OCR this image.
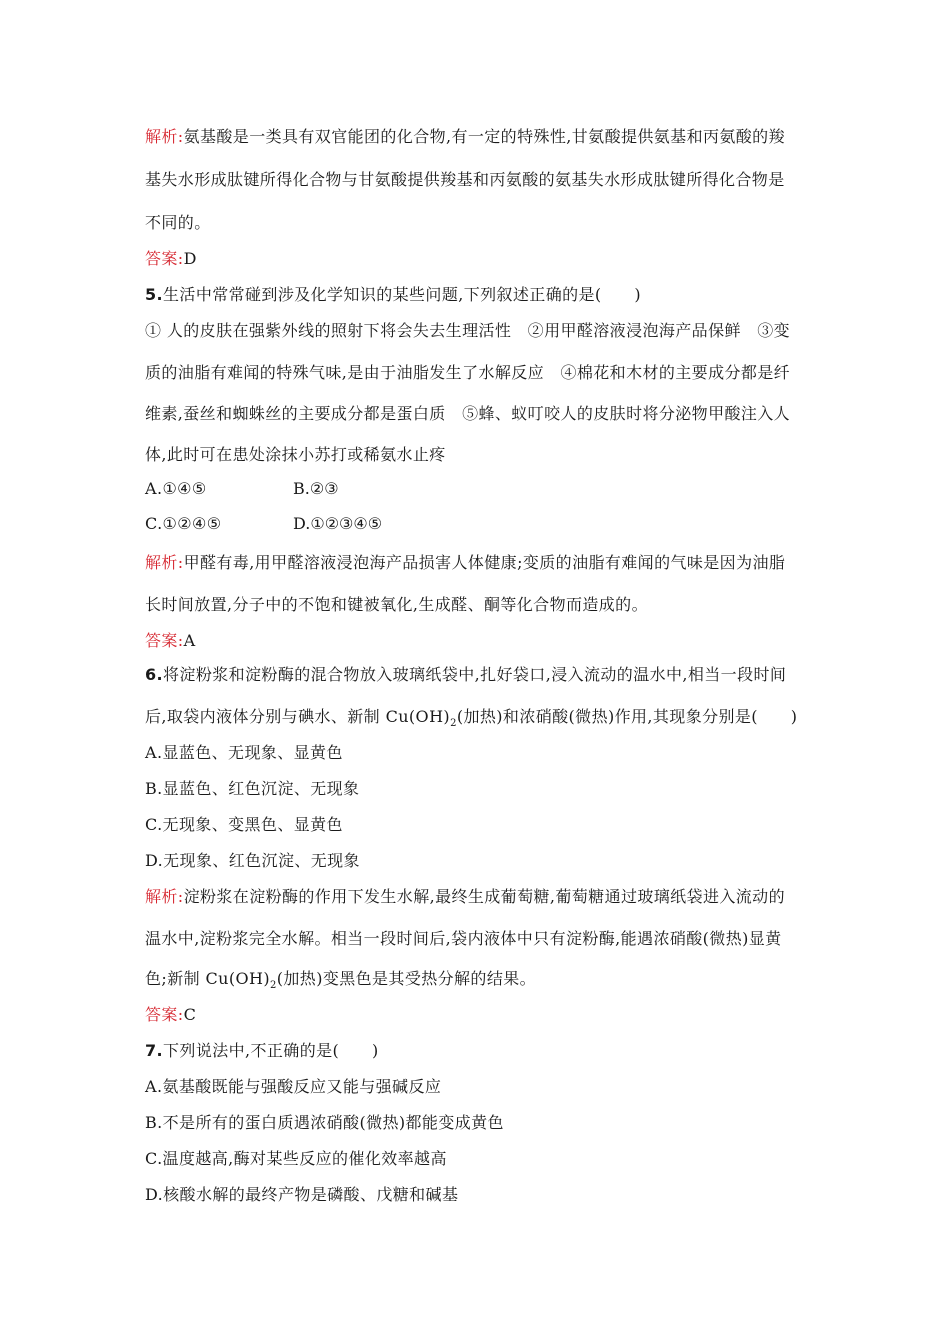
解析:氨基酸是一类具有双官能团的化合物,有一定的特殊性,甘氨酸提供氨基和丙氨酸的羧
基失水形成肽键所得化合物与甘氨酸提供羧基和丙氨酸的氨基失水形成肽键所得化合物是
不同的。
答案:D
5.生活中常常碰到涉及化学知识的某些问题,下列叙述正确的是(　　)
① 人的皮肤在强紫外线的照射下将会失去生理活性　②用甲醛溶液浸泡海产品保鲜　③变
质的油脂有难闻的特殊气味,是由于油脂发生了水解反应　④棉花和木材的主要成分都是纤
维素,蚕丝和蜘蛛丝的主要成分都是蛋白质　⑤蜂、蚁叮咬人的皮肤时将分泌物甲酸注入人
体,此时可在患处涂抹小苏打或稀氨水止疼
A.①④⑤	B.②③
C.①②④⑤	D.①②③④⑤
解析:甲醛有毒,用甲醛溶液浸泡海产品损害人体健康;变质的油脂有难闻的气味是因为油脂
长时间放置,分子中的不饱和键被氧化,生成醛、酮等化合物而造成的。
答案:A
6.将淀粉浆和淀粉酶的混合物放入玻璃纸袋中,扎好袋口,浸入流动的温水中,相当一段时间
后,取袋内液体分别与碘水、新制 $Cu(OH)_2$(加热)和浓硝酸(微热)作用,其现象分别是(　　)
A.显蓝色、无现象、显黄色
B.显蓝色、红色沉淀、无现象
C.无现象、变黑色、显黄色
D.无现象、红色沉淀、无现象
解析:淀粉浆在淀粉酶的作用下发生水解,最终生成葡萄糖,葡萄糖通过玻璃纸袋进入流动的
温水中,淀粉浆完全水解。相当一段时间后,袋内液体中只有淀粉酶,能遇浓硝酸(微热)显黄
色;新制 $Cu(OH)_2$(加热)变黑色是其受热分解的结果。
答案:C
7.下列说法中,不正确的是(　　)
A.氨基酸既能与强酸反应又能与强碱反应
B.不是所有的蛋白质遇浓硝酸(微热)都能变成黄色
C.温度越高,酶对某些反应的催化效率越高
D.核酸水解的最终产物是磷酸、戊糖和碱基
